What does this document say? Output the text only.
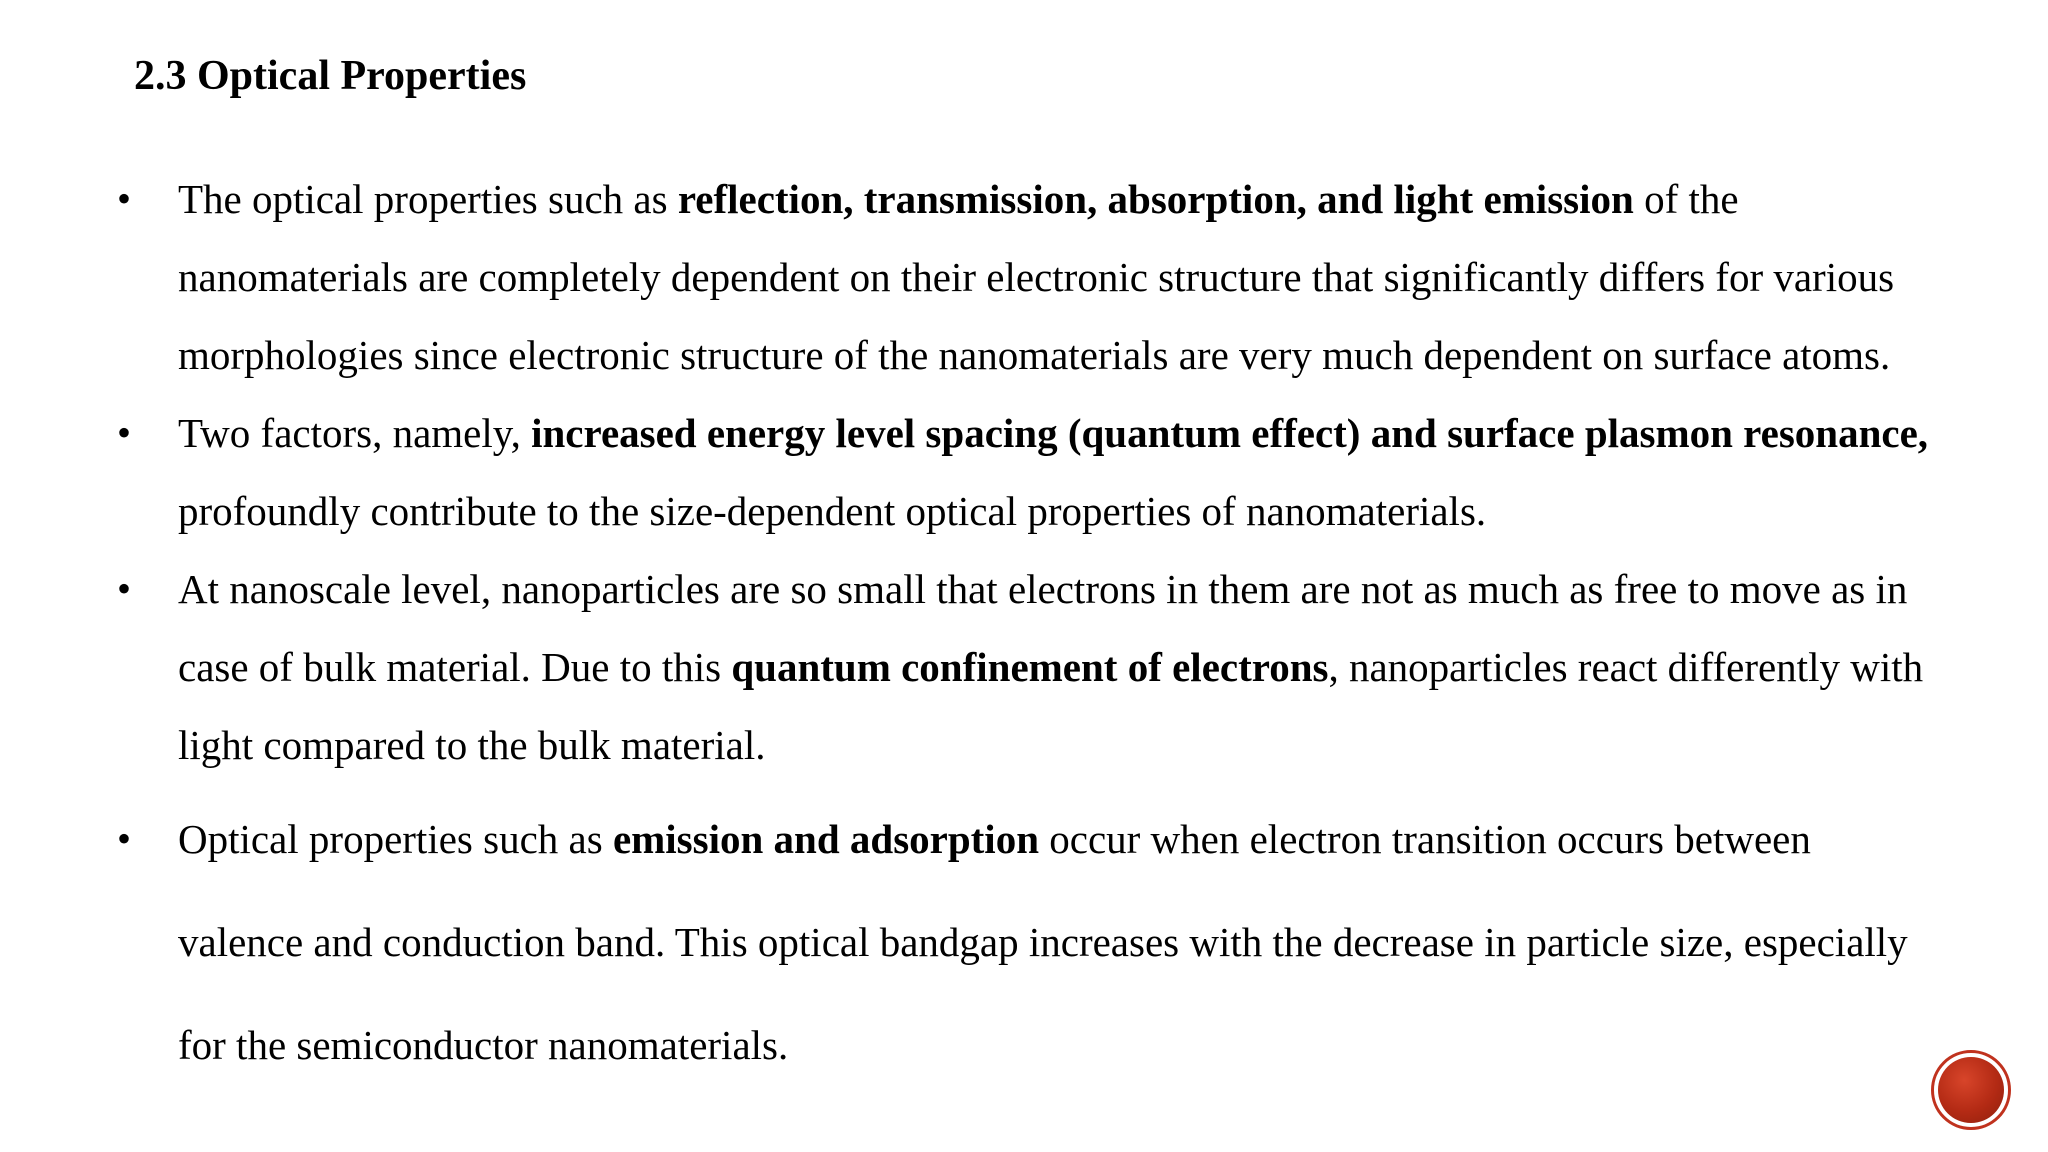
2.3 Optical Properties
• The optical properties such as reflection, transmission, absorption, and light emission of the
nanomaterials are completely dependent on their electronic structure that significantly differs for various
morphologies since electronic structure of the nanomaterials are very much dependent on surface atoms.
• Two factors, namely, increased energy level spacing (quantum effect) and surface plasmon resonance,
profoundly contribute to the size-dependent optical properties of nanomaterials.
• At nanoscale level, nanoparticles are so small that electrons in them are not as much as free to move as in
case of bulk material. Due to this quantum confinement of electrons, nanoparticles react differently with
light compared to the bulk material.
• Optical properties such as emission and adsorption occur when electron transition occurs between
valence and conduction band. This optical bandgap increases with the decrease in particle size, especially
for the semiconductor nanomaterials.
